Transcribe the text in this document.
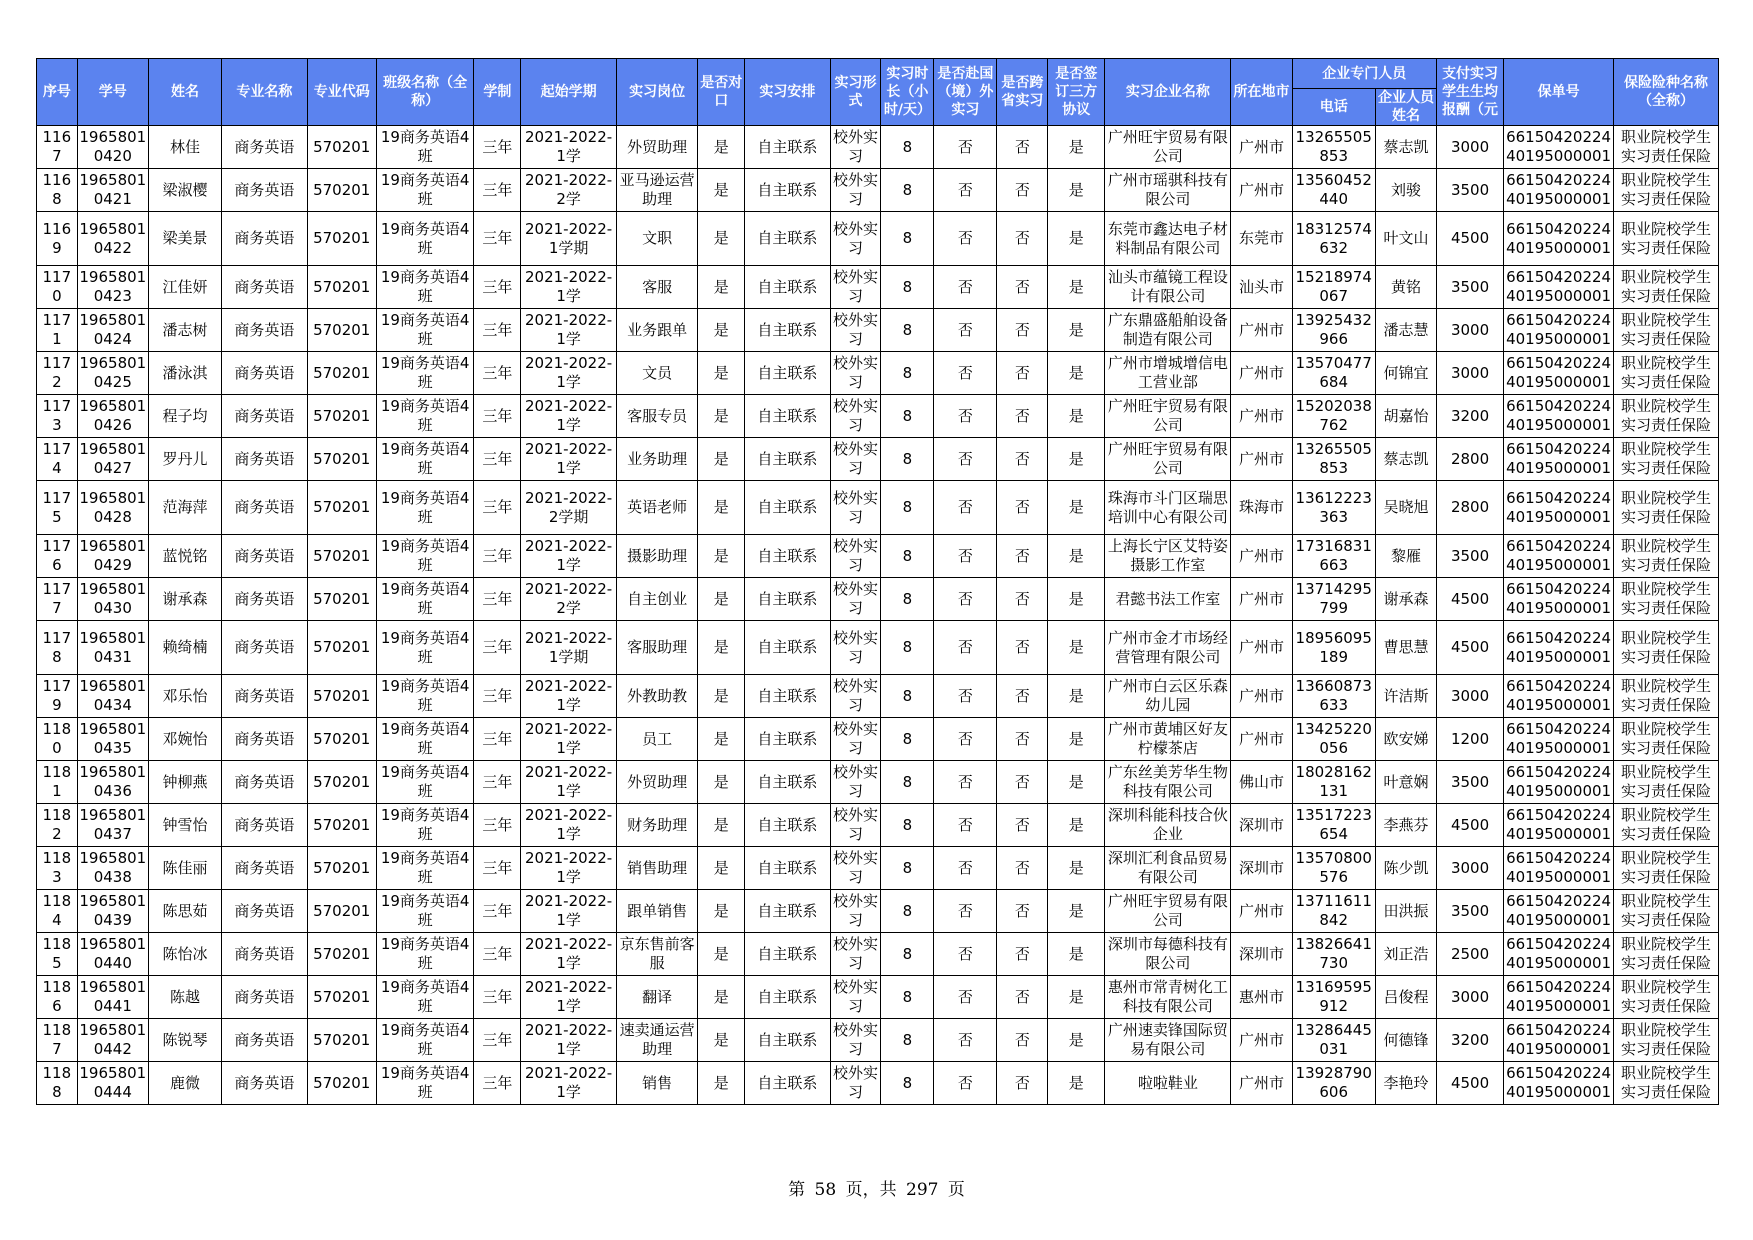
序号	学号	姓名	专业名称	专业代码	班级名称（全称）	学制	起始学期	实习岗位	是否对口	实习安排	实习形式	实习时长（小时/天）	是否赴国（境）外实习	是否跨省实习	是否签订三方协议	实习企业名称	所在地市	企业专门人员		支付实习学生生均报酬（元	保单号	保险险种名称（全称）
																		电话	企业人员姓名			
1167	19658010420	林佳	商务英语	570201	19商务英语4班	三年	2021-2022-1学	外贸助理	是	自主联系	校外实习	8	否	否	是	广州旺宇贸易有限公司	广州市	13265505853	蔡志凯	3000	6615042022440195000001	职业院校学生实习责任保险
1168	19658010421	梁淑樱	商务英语	570201	19商务英语4班	三年	2021-2022-2学	亚马逊运营助理	是	自主联系	校外实习	8	否	否	是	广州市瑶骐科技有限公司	广州市	13560452440	刘骏	3500	6615042022440195000001	职业院校学生实习责任保险
1169	19658010422	梁美景	商务英语	570201	19商务英语4班	三年	2021-2022-1学期	文职	是	自主联系	校外实习	8	否	否	是	东莞市鑫达电子材料制品有限公司	东莞市	18312574632	叶文山	4500	6615042022440195000001	职业院校学生实习责任保险
1170	19658010423	江佳妍	商务英语	570201	19商务英语4班	三年	2021-2022-1学	客服	是	自主联系	校外实习	8	否	否	是	汕头市蕴镜工程设计有限公司	汕头市	15218974067	黄铭	3500	6615042022440195000001	职业院校学生实习责任保险
1171	19658010424	潘志树	商务英语	570201	19商务英语4班	三年	2021-2022-1学	业务跟单	是	自主联系	校外实习	8	否	否	是	广东鼎盛船舶设备制造有限公司	广州市	13925432966	潘志慧	3000	6615042022440195000001	职业院校学生实习责任保险
1172	19658010425	潘泳淇	商务英语	570201	19商务英语4班	三年	2021-2022-1学	文员	是	自主联系	校外实习	8	否	否	是	广州市增城增信电工营业部	广州市	13570477684	何锦宜	3000	6615042022440195000001	职业院校学生实习责任保险
1173	19658010426	程子均	商务英语	570201	19商务英语4班	三年	2021-2022-1学	客服专员	是	自主联系	校外实习	8	否	否	是	广州旺宇贸易有限公司	广州市	15202038762	胡嘉怡	3200	6615042022440195000001	职业院校学生实习责任保险
1174	19658010427	罗丹儿	商务英语	570201	19商务英语4班	三年	2021-2022-1学	业务助理	是	自主联系	校外实习	8	否	否	是	广州旺宇贸易有限公司	广州市	13265505853	蔡志凯	2800	6615042022440195000001	职业院校学生实习责任保险
1175	19658010428	范海萍	商务英语	570201	19商务英语4班	三年	2021-2022-2学期	英语老师	是	自主联系	校外实习	8	否	否	是	珠海市斗门区瑞思培训中心有限公司	珠海市	13612223363	吴晓旭	2800	6615042022440195000001	职业院校学生实习责任保险
1176	19658010429	蓝悦铭	商务英语	570201	19商务英语4班	三年	2021-2022-1学	摄影助理	是	自主联系	校外实习	8	否	否	是	上海长宁区艾特姿摄影工作室	广州市	17316831663	黎雁	3500	6615042022440195000001	职业院校学生实习责任保险
1177	19658010430	谢承森	商务英语	570201	19商务英语4班	三年	2021-2022-2学	自主创业	是	自主联系	校外实习	8	否	否	是	君懿书法工作室	广州市	13714295799	谢承森	4500	6615042022440195000001	职业院校学生实习责任保险
1178	19658010431	赖绮楠	商务英语	570201	19商务英语4班	三年	2021-2022-1学期	客服助理	是	自主联系	校外实习	8	否	否	是	广州市金才市场经营管理有限公司	广州市	18956095189	曹思慧	4500	6615042022440195000001	职业院校学生实习责任保险
1179	19658010434	邓乐怡	商务英语	570201	19商务英语4班	三年	2021-2022-1学	外教助教	是	自主联系	校外实习	8	否	否	是	广州市白云区乐森幼儿园	广州市	13660873633	许洁斯	3000	6615042022440195000001	职业院校学生实习责任保险
1180	19658010435	邓婉怡	商务英语	570201	19商务英语4班	三年	2021-2022-1学	员工	是	自主联系	校外实习	8	否	否	是	广州市黄埔区好友柠檬茶店	广州市	13425220056	欧安娣	1200	6615042022440195000001	职业院校学生实习责任保险
1181	19658010436	钟柳燕	商务英语	570201	19商务英语4班	三年	2021-2022-1学	外贸助理	是	自主联系	校外实习	8	否	否	是	广东丝美芳华生物科技有限公司	佛山市	18028162131	叶意娴	3500	6615042022440195000001	职业院校学生实习责任保险
1182	19658010437	钟雪怡	商务英语	570201	19商务英语4班	三年	2021-2022-1学	财务助理	是	自主联系	校外实习	8	否	否	是	深圳科能科技合伙企业	深圳市	13517223654	李燕芬	4500	6615042022440195000001	职业院校学生实习责任保险
1183	19658010438	陈佳丽	商务英语	570201	19商务英语4班	三年	2021-2022-1学	销售助理	是	自主联系	校外实习	8	否	否	是	深圳汇利食品贸易有限公司	深圳市	13570800576	陈少凯	3000	6615042022440195000001	职业院校学生实习责任保险
1184	19658010439	陈思茹	商务英语	570201	19商务英语4班	三年	2021-2022-1学	跟单销售	是	自主联系	校外实习	8	否	否	是	广州旺宇贸易有限公司	广州市	13711611842	田洪振	3500	6615042022440195000001	职业院校学生实习责任保险
1185	19658010440	陈怡冰	商务英语	570201	19商务英语4班	三年	2021-2022-1学	京东售前客服	是	自主联系	校外实习	8	否	否	是	深圳市每德科技有限公司	深圳市	13826641730	刘正浩	2500	6615042022440195000001	职业院校学生实习责任保险
1186	19658010441	陈越	商务英语	570201	19商务英语4班	三年	2021-2022-1学	翻译	是	自主联系	校外实习	8	否	否	是	惠州市常青树化工科技有限公司	惠州市	13169595912	吕俊程	3000	6615042022440195000001	职业院校学生实习责任保险
1187	19658010442	陈锐琴	商务英语	570201	19商务英语4班	三年	2021-2022-1学	速卖通运营助理	是	自主联系	校外实习	8	否	否	是	广州速卖锋国际贸易有限公司	广州市	13286445031	何德锋	3200	6615042022440195000001	职业院校学生实习责任保险
1188	19658010444	鹿微	商务英语	570201	19商务英语4班	三年	2021-2022-1学	销售	是	自主联系	校外实习	8	否	否	是	啦啦鞋业	广州市	13928790606	李艳玲	4500	6615042022440195000001	职业院校学生实习责任保险
第 58 页，共 297 页
